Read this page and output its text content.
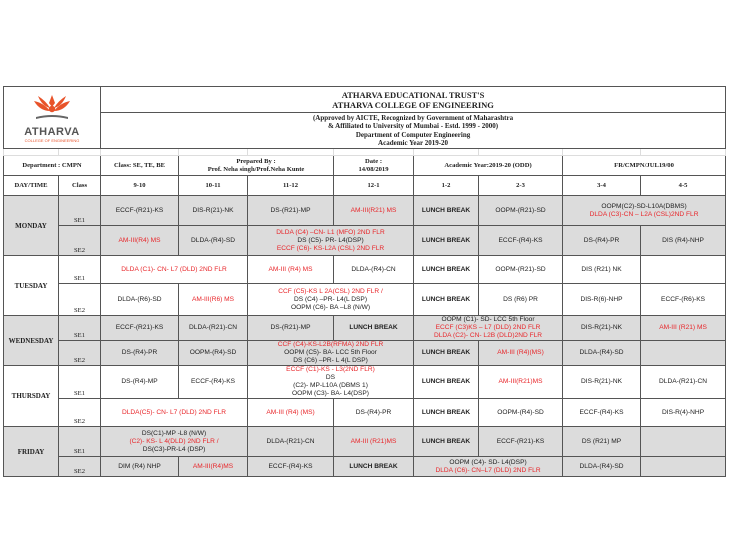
ATHARVA
COLLEGE OF ENGINEERING		ATHARVA EDUCATIONAL TRUST'S
ATHARVA COLLEGE OF ENGINEERING							

		(Approved by AICTE, Recognized by Government of Maharashtra
& Affiliated to University of Mumbai - Estd. 1999 - 2000)
Department of Computer Engineering
Academic Year 2019-20							

Department : CMPN		Class: SE, TE, BE	Prepared By :
Prof. Neha singh/Prof.Neha Kunte		Date :
14/08/2019	Academic Year:2019-20 (ODD)		FR/CMPN/JUL19/00	

DAY/TIME	Class	9-10	10-11	11-12	12-1	1-2	2-3	3-4	4-5
MONDAY	SE1	ECCF-(R21)-KS	DIS-R(21)-NK	DS-(R21)-MP	AM-III(R21) MS	LUNCH BREAK	OOPM-(R21)-SD	OOPM(C2)-SD-L10A(DBMS)
DLDA (C3)-CN – L2A (CSL)2ND FLR	

	SE2	AM-III(R4) MS	DLDA-(R4)-SD	DLDA (C4) –CN- L1 (MFO) 2ND FLR
DS (C5)- PR- L4(DSP)
ECCF (C6)- KS-L2A (CSL) 2ND FLR		LUNCH BREAK	ECCF-(R4)-KS	DS-(R4)-PR	DIS (R4)-NHP

TUESDAY	SE1	DLDA (C1)- CN- L7 (DLD) 2ND FLR		AM-III (R4) MS	DLDA-(R4)-CN	LUNCH BREAK	OOPM-(R21)-SD	DIS (R21) NK	

	SE2	DLDA-(R6)-SD	AM-III(R6) MS	CCF (C5)-KS L 2A(CSL) 2ND FLR /
DS (C4) –PR- L4(L DSP)
OOPM (C6)- BA –L8 (N/W)		LUNCH BREAK	DS (R6) PR	DIS-R(6)-NHP	ECCF-(R6)-KS

WEDNESDAY	SE1	ECCF-(R21)-KS	DLDA-(R21)-CN	DS-(R21)-MP	LUNCH BREAK	OOPM (C1)- SD- LCC 5th Floor
ECCF (C3)KS – L7 (DLD) 2ND FLR
DLDA (C2)- CN- L2B (DLD)2ND FLR		DIS-R(21)-NK	AM-III (R21) MS

	SE2	DS-(R4)-PR	OOPM-(R4)-SD	CCF (C4)-KS-L2B(RFMA) 2ND FLR
OOPM (C5)- BA- LCC 5th Floor
DS (C6) –PR- L 4(L DSP)		LUNCH BREAK	AM-III (R4)(MS)	DLDA-(R4)-SD	

THURSDAY	SE1	DS-(R4)-MP	ECCF-(R4)-KS	ECCF (C1)-KS - L3(2ND FLR)
DS
(C2)- MP-L10A (DBMS 1)
OOPM (C3)- BA- L4(DSP)		LUNCH BREAK	AM-III(R21)MS	DIS-R(21)-NK	DLDA-(R21)-CN

	SE2	DLDA(C5)- CN- L7 (DLD) 2ND FLR		AM-III (R4) (MS)	DS-(R4)-PR	LUNCH BREAK	OOPM-(R4)-SD	ECCF-(R4)-KS	DIS-R(4)-NHP

FRIDAY	SE1	DS(C1)-MP -L8 (N/W)
(C2)- KS- L 4(DLD) 2ND FLR /
DS(C3)-PR-L4 (DSP)		DLDA-(R21)-CN	AM-III (R21)MS	LUNCH BREAK	ECCF-(R21)-KS	DS (R21) MP	

	SE2	DIM (R4) NHP	AM-III(R4)MS	ECCF-(R4)-KS	LUNCH BREAK	OOPM (C4)- SD- L4(DSP)
DLDA (C6)- CN–L7 (DLD) 2ND FLR		DLDA-(R4)-SD	
